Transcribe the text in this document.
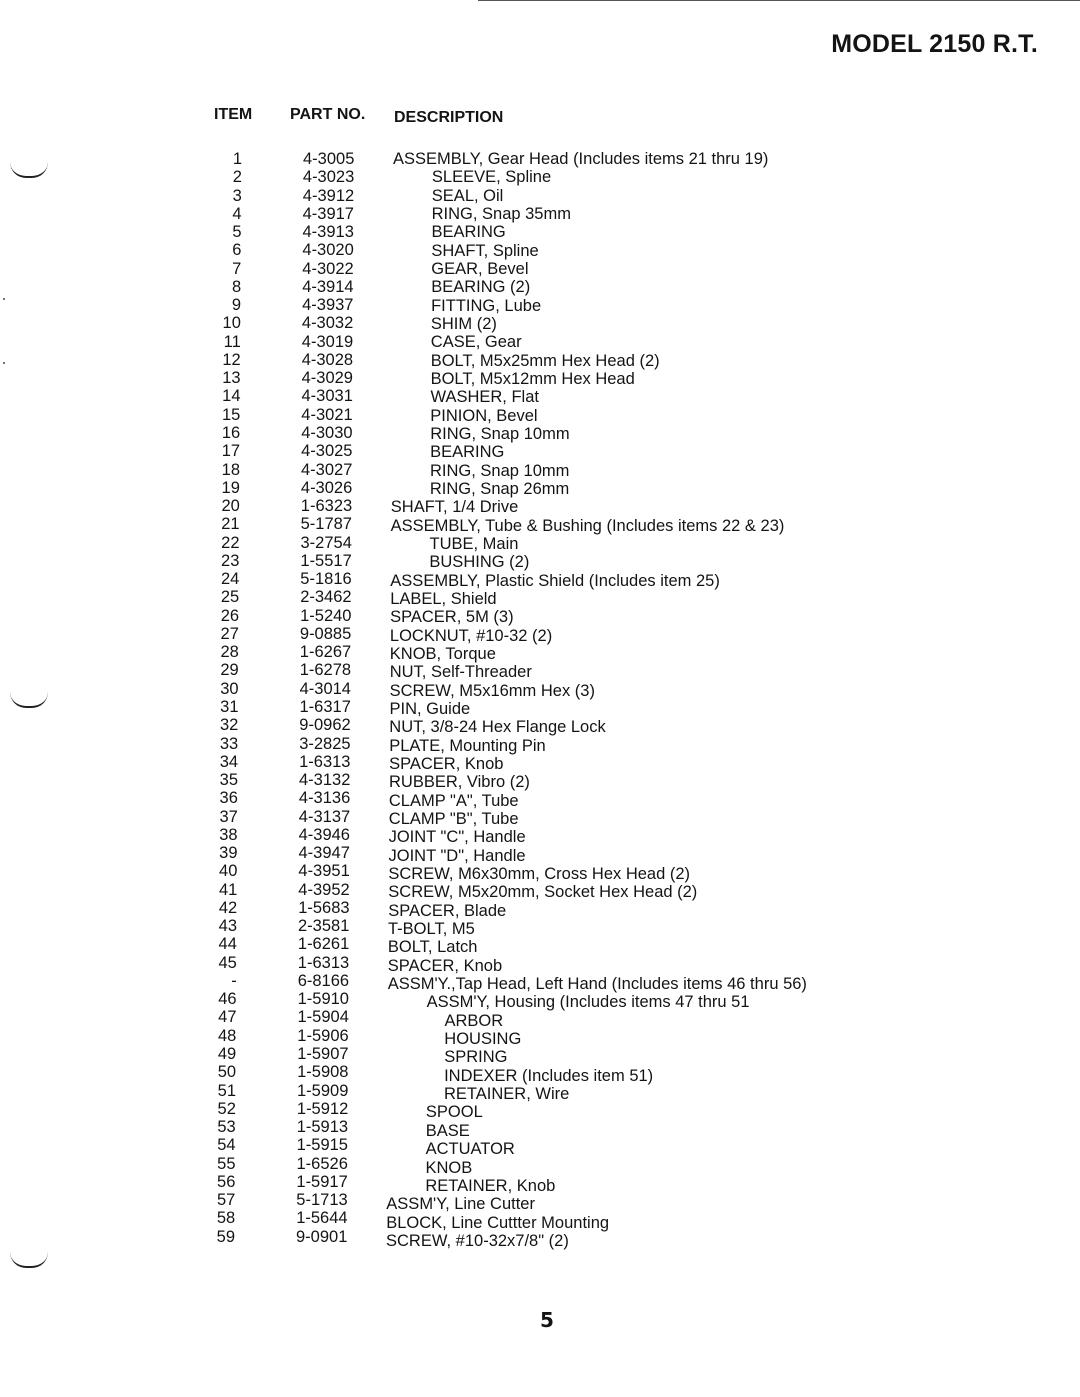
MODEL 2150 R.T.
ITEM PART NO. DESCRIPTION
1	4-3005 ASSEMBLY, Gear Head (Includes items 21 thru 19)
2	4-3023	SLEEVE, Spline
3	4-3912	SEAL, Oil
4	4-3917	RING, Snap 35mm
5	4-3913	BEARING
6	4-3020	SHAFT, Spline
7	4-3022	GEAR, Bevel
8	4-3914	BEARING (2)
9	4-3937	FITTING, Lube
10	4-3032	SHIM (2)
11	4-3019	CASE, Gear
12	4-3028	BOLT, M5x25mm Hex Head (2)
13	4-3029	BOLT, M5x12mm Hex Head
14	4-3031	WASHER, Flat
15	4-3021	PINION, Bevel
16	4-3030	RING, Snap 10mm
17	4-3025	BEARING
18	4-3027	RING, Snap 10mm
19	4-3026	RING, Snap 26mm
20	1-6323 SHAFT, 1/4 Drive
21	5-1787 ASSEMBLY, Tube & Bushing (Includes items 22 & 23)
22	3-2754	TUBE, Main
23	1-5517	BUSHING (2)
24	5-1816 ASSEMBLY, Plastic Shield (Includes item 25)
25	2-3462 LABEL, Shield
26	1-5240 SPACER, 5M (3)
27	9-0885 LOCKNUT, #10-32 (2)
28	1-6267 KNOB, Torque
29	1-6278 NUT, Self-Threader
30	4-3014 SCREW, M5x16mm Hex (3)
31	1-6317 PIN, Guide
32	9-0962 NUT, 3/8-24 Hex Flange Lock
33	3-2825 PLATE, Mounting Pin
34	1-6313 SPACER, Knob
35	4-3132 RUBBER, Vibro (2)
36	4-3136 CLAMP "A", Tube
37	4-3137 CLAMP "B", Tube
38	4-3946 JOINT "C", Handle
39	4-3947 JOINT "D", Handle
40	4-3951 SCREW, M6x30mm, Cross Hex Head (2)
41	4-3952 SCREW, M5x20mm, Socket Hex Head (2)
42	1-5683 SPACER, Blade
43	2-3581 T-BOLT, M5
44	1-6261 BOLT, Latch
45	1-6313 SPACER, Knob
-	6-8166 ASSM'Y.,Tap Head, Left Hand (Includes items 46 thru 56)
46	1-5910	ASSM'Y, Housing (Includes items 47 thru 51
47	1-5904	ARBOR
48	1-5906	HOUSING
49	1-5907	SPRING
50	1-5908	INDEXER (Includes item 51)
51	1-5909	RETAINER, Wire
52	1-5912	SPOOL
53	1-5913	BASE
54	1-5915	ACTUATOR
55	1-6526	KNOB
56	1-5917	RETAINER, Knob
57	5-1713 ASSM'Y, Line Cutter
58	1-5644 BLOCK, Line Cuttter Mounting
59	9-0901 SCREW, #10-32x7/8" (2)
5
